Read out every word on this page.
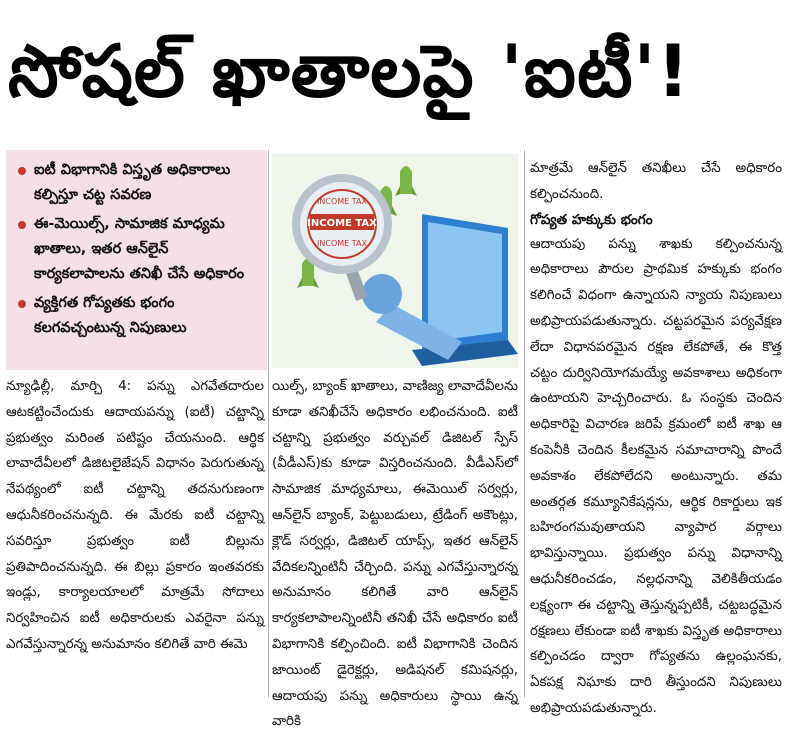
సోషల్ ఖాతాలపై 'ఐటీ'!
ఐటీ విభాగానికి విస్తృత అధికారాలు కల్పిస్తూ చట్ట సవరణ
ఈ-మెయిల్స్, సామాజిక మాధ్యమ ఖాతాలు, ఇతర ఆన్‌లైన్ కార్యకలాపాలను తనిఖీ చేసే అధికారం
వ్యక్తిగత గోప్యతకు భంగం కలగవచ్చంటున్న నిపుణులు
INCOME TAX
INCOME TAX
INCOME TAX

న్యూఢిల్లీ, మార్చి 4: పన్ను ఎగవేతదారుల ఆటకట్టించేందుకు ఆదాయపన్ను (ఐటీ) చట్టాన్ని ప్రభుత్వం మరింత పటిష్టం చేయనుంది. ఆర్థిక లావాదేవీలలో డిజిటలైజేషన్ విధానం పెరుగుతున్న నేపథ్యంలో ఐటీ చట్టాన్ని తదనుగుణంగా ఆధునీకరించనున్నది. ఈ మేరకు ఐటీ చట్టాన్ని సవరిస్తూ ప్రభుత్వం ఐటీ బిల్లును ప్రతిపాదించనున్నది. ఈ బిల్లు ప్రకారం ఇంతవరకు ఇండ్లు, కార్యాలయాలలో మాత్రమే సోదాలు నిర్వహించిన ఐటీ అధికారులకు ఎవరైనా పన్ను ఎగవేస్తున్నారన్న అనుమానం కలిగితే వారి ఈమె

యిల్స్, బ్యాంక్ ఖాతాలు, వాణిజ్య లావాదేవీలను కూడా తనిఖీచేసే అధికారం లభించనుంది. ఐటీ చట్టాన్ని ప్రభుత్వం వర్చువల్ డిజిటల్ స్పేస్ (వీడీఎస్)కు కూడా విస్తరించనుంది. వీడీఎస్‌లో సామాజిక మాధ్యమాలు, ఈమెయిల్ సర్వర్లు, ఆన్‌లైన్ బ్యాంక్, పెట్టుబడులు, ట్రేడింగ్ అకౌంట్లు, క్లౌడ్ సర్వర్లు, డిజిటల్ యాప్స్, ఇతర ఆన్‌లైన్ వేదికలన్నింటినీ చేర్చింది. పన్ను ఎగవేస్తున్నారన్న అనుమానం కలిగితే వారి ఆన్‌లైన్ కార్యకలాపాలన్నింటినీ తనిఖీ చేసే అధికారం ఐటీ విభాగానికి కల్పించింది. ఐటీ విభాగానికి చెందిన జాయింట్ డైరెక్టర్లు, అడిషనల్ కమిషనర్లు, ఆదాయపు పన్ను అధికారులు స్థాయి ఉన్న వారికి

మాత్రమే ఆన్‌లైన్ తనిఖీలు చేసే అధికారం కల్పించనుంది.

గోప్యత హక్కుకు భంగం

ఆదాయపు పన్ను శాఖకు కల్పించనున్న అధికారాలు పౌరుల ప్రాథమిక హక్కుకు భంగం కలిగించే విధంగా ఉన్నాయని న్యాయ నిపుణులు అభిప్రాయపడుతున్నారు. చట్టపరమైన పర్యవేక్షణ లేదా విధానపరమైన రక్షణ లేకపోతే, ఈ కొత్త చట్టం దుర్వినియోగమయ్యే అవకాశాలు అధికంగా ఉంటాయని హెచ్చరించారు. ఓ సంస్థకు చెందిన అధికారిపై విచారణ జరిపే క్రమంలో ఐటీ శాఖ ఆ కంపెనీకి చెందిన కీలకమైన సమాచారాన్ని పొందే అవకాశం లేకపోలేదని అంటున్నారు. తమ అంతర్గత కమ్యూనికేషన్లను, ఆర్థిక రికార్డులు ఇక బహిరంగమవుతాయని వ్యాపార వర్గాలు భావిస్తున్నాయి. ప్రభుత్వం పన్ను విధానాన్ని ఆధునీకరించడం, నల్లధనాన్ని వెలికితీయడం లక్ష్యంగా ఈ చట్టాన్ని తెస్తున్నప్పటికీ, చట్టబద్ధమైన రక్షణలు లేకుండా ఐటీ శాఖకు విస్తృత అధికారాలు కల్పించడం ద్వారా గోప్యతను ఉల్లంఘనకు, ఏకపక్ష నిఘాకు దారి తీస్తుందని నిపుణులు అభిప్రాయపడుతున్నారు.
